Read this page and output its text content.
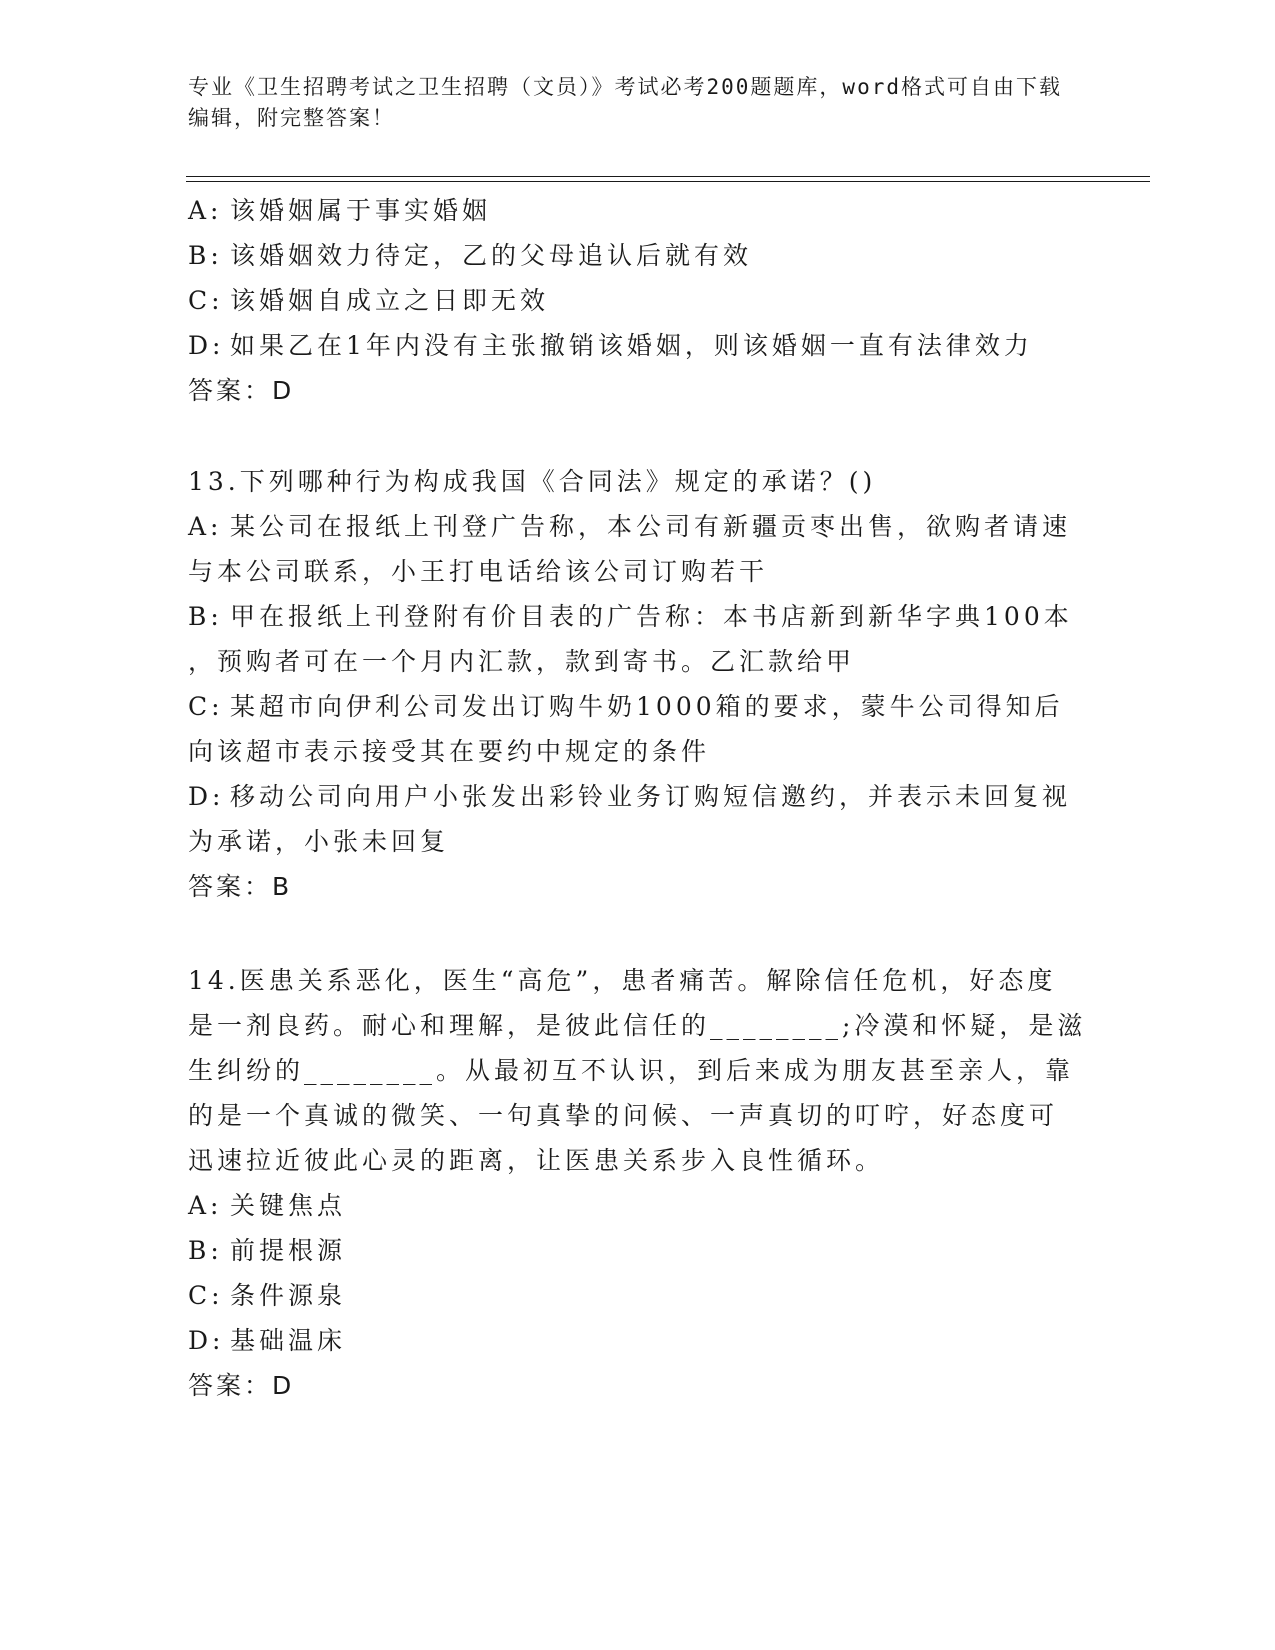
专业《卫生招聘考试之卫生招聘（文员）》考试必考200题题库，word格式可自由下载编辑，附完整答案！
A: 该婚姻属于事实婚姻
B: 该婚姻效力待定，乙的父母追认后就有效
C: 该婚姻自成立之日即无效
D: 如果乙在1年内没有主张撤销该婚姻，则该婚姻一直有法律效力
答案：D
13.下列哪种行为构成我国《合同法》规定的承诺？()
A: 某公司在报纸上刊登广告称，本公司有新疆贡枣出售，欲购者请速
与本公司联系，小王打电话给该公司订购若干
B: 甲在报纸上刊登附有价目表的广告称：本书店新到新华字典100本
，预购者可在一个月内汇款，款到寄书。乙汇款给甲
C: 某超市向伊利公司发出订购牛奶1000箱的要求，蒙牛公司得知后
向该超市表示接受其在要约中规定的条件
D: 移动公司向用户小张发出彩铃业务订购短信邀约，并表示未回复视
为承诺，小张未回复
答案：B
14.医患关系恶化，医生“高危”，患者痛苦。解除信任危机，好态度
是一剂良药。耐心和理解，是彼此信任的________;冷漠和怀疑，是滋
生纠纷的________。从最初互不认识，到后来成为朋友甚至亲人，靠
的是一个真诚的微笑、一句真挚的问候、一声真切的叮咛，好态度可
迅速拉近彼此心灵的距离，让医患关系步入良性循环。
A: 关键焦点
B: 前提根源
C: 条件源泉
D: 基础温床
答案：D
